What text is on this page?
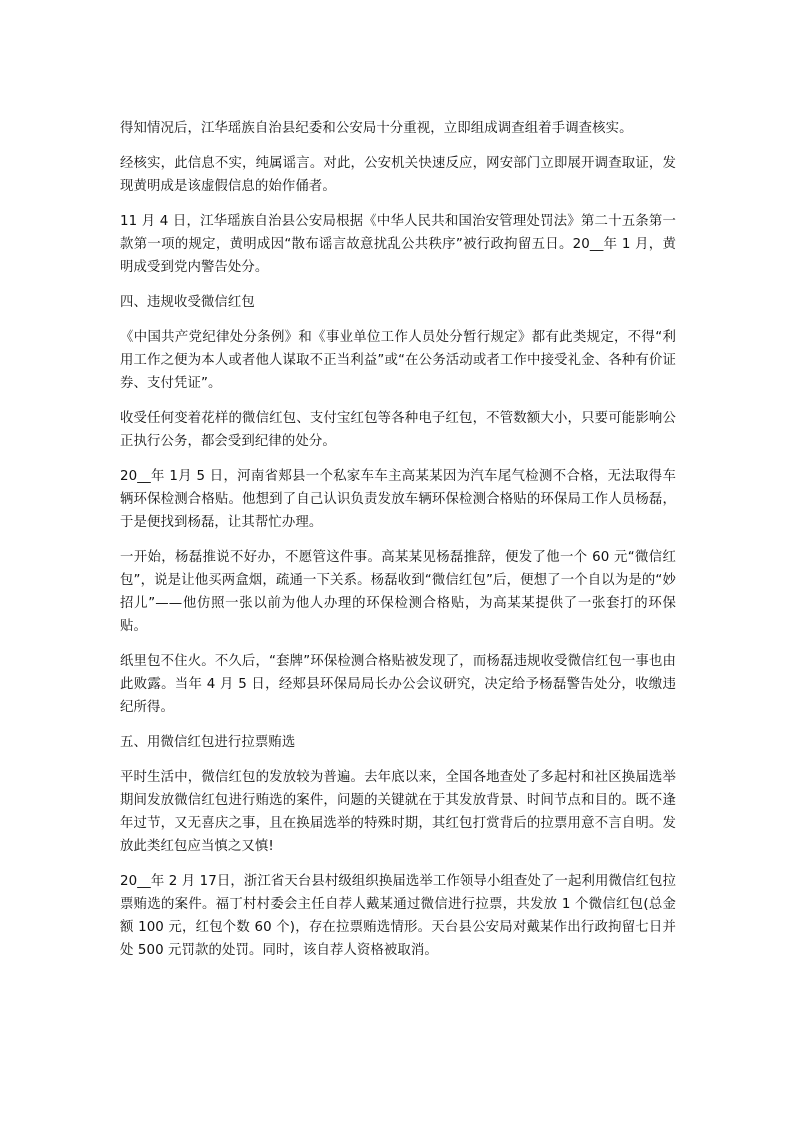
得知情况后，江华瑶族自治县纪委和公安局十分重视，立即组成调查组着手调查核实。

经核实，此信息不实，纯属谣言。对此，公安机关快速反应，网安部门立即展开调查取证，发现黄明成是该虚假信息的始作俑者。

11 月 4 日，江华瑶族自治县公安局根据《中华人民共和国治安管理处罚法》第二十五条第一款第一项的规定，黄明成因“散布谣言故意扰乱公共秩序”被行政拘留五日。20__年 1 月，黄明成受到党内警告处分。

四、违规收受微信红包

《中国共产党纪律处分条例》和《事业单位工作人员处分暂行规定》都有此类规定，不得“利用工作之便为本人或者他人谋取不正当利益”或“在公务活动或者工作中接受礼金、各种有价证券、支付凭证”。

收受任何变着花样的微信红包、支付宝红包等各种电子红包，不管数额大小，只要可能影响公正执行公务，都会受到纪律的处分。

20__年 1月 5 日，河南省郏县一个私家车车主高某某因为汽车尾气检测不合格，无法取得车辆环保检测合格贴。他想到了自己认识负责发放车辆环保检测合格贴的环保局工作人员杨磊，于是便找到杨磊，让其帮忙办理。

一开始，杨磊推说不好办，不愿管这件事。高某某见杨磊推辞，便发了他一个 60 元“微信红包”，说是让他买两盒烟，疏通一下关系。杨磊收到“微信红包”后，便想了一个自以为是的“妙招儿”——他仿照一张以前为他人办理的环保检测合格贴，为高某某提供了一张套打的环保贴。

纸里包不住火。不久后，“套牌”环保检测合格贴被发现了，而杨磊违规收受微信红包一事也由此败露。当年 4 月 5 日，经郏县环保局局长办公会议研究，决定给予杨磊警告处分，收缴违纪所得。

五、用微信红包进行拉票贿选

平时生活中，微信红包的发放较为普遍。去年底以来，全国各地查处了多起村和社区换届选举期间发放微信红包进行贿选的案件，问题的关键就在于其发放背景、时间节点和目的。既不逢年过节，又无喜庆之事，且在换届选举的特殊时期，其红包打赏背后的拉票用意不言自明。发放此类红包应当慎之又慎!

20__年 2 月 17日，浙江省天台县村级组织换届选举工作领导小组查处了一起利用微信红包拉票贿选的案件。福丁村村委会主任自荐人戴某通过微信进行拉票，共发放 1 个微信红包(总金额 100 元，红包个数 60 个)，存在拉票贿选情形。天台县公安局对戴某作出行政拘留七日并处 500 元罚款的处罚。同时，该自荐人资格被取消。
